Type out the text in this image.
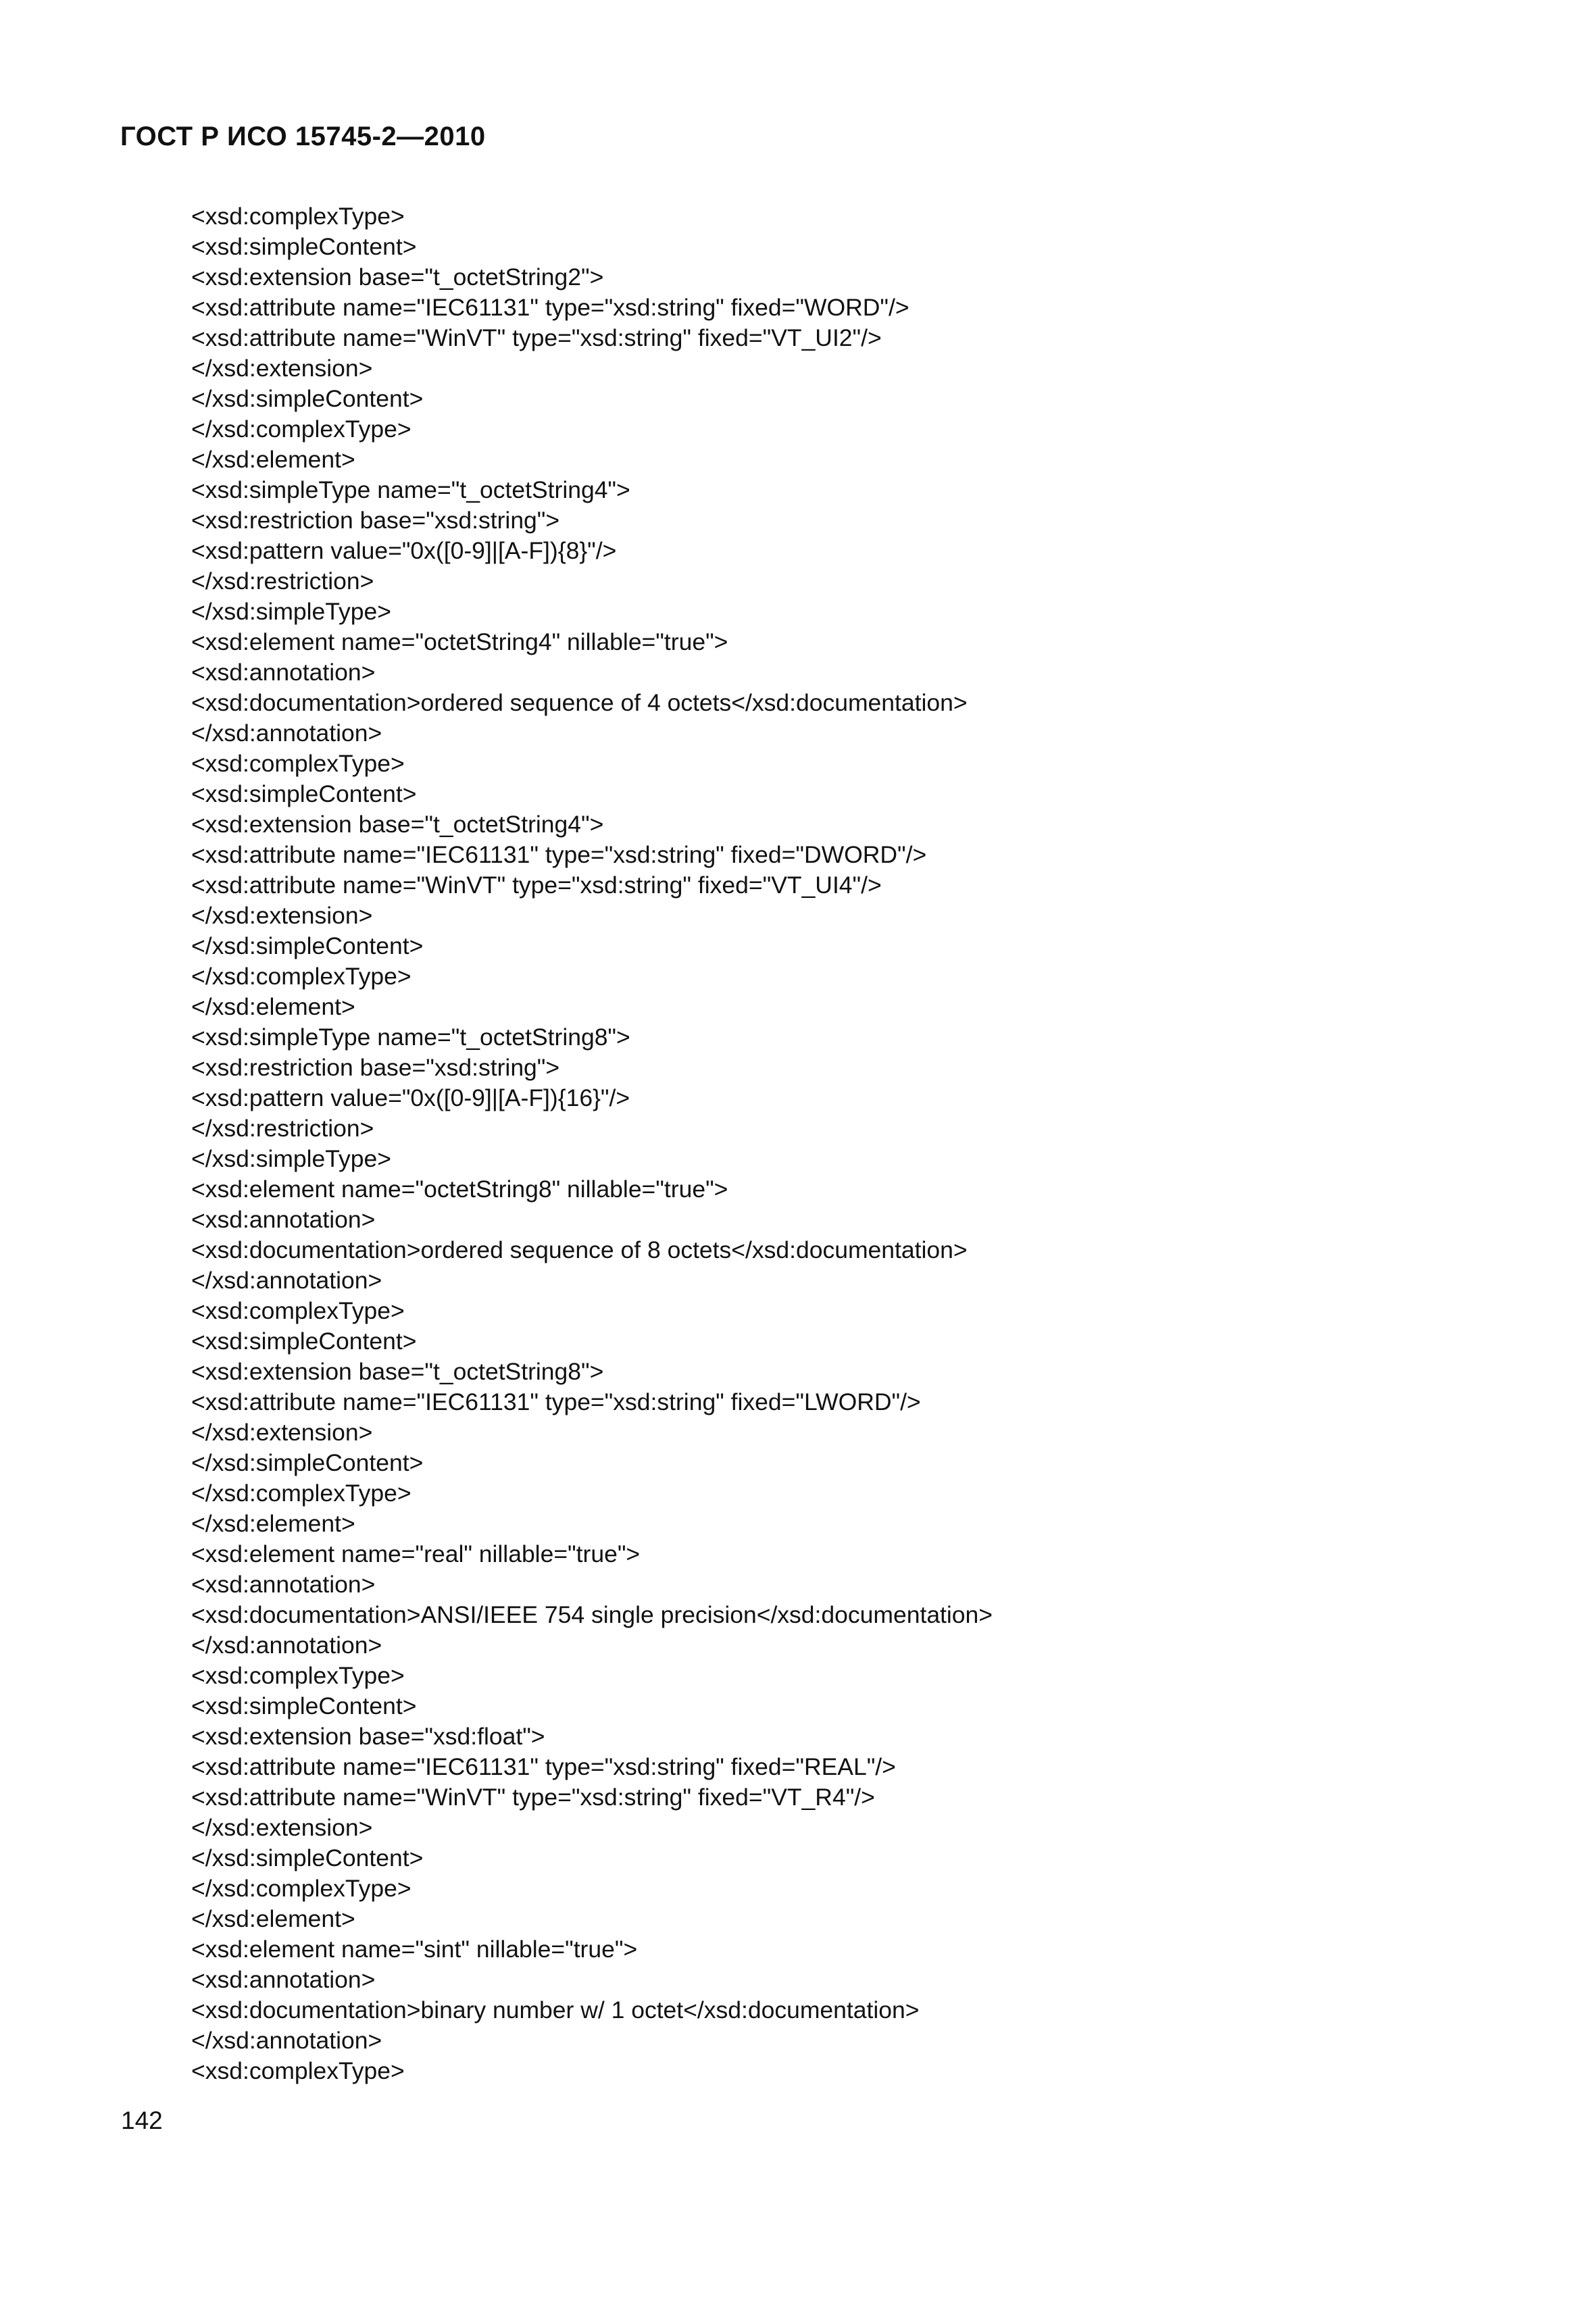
ГОСТ Р ИСО 15745-2—2010
<xsd:complexType>
<xsd:simpleContent>
<xsd:extension base="t_octetString2">
<xsd:attribute name="IEC61131" type="xsd:string" fixed="WORD"/>
<xsd:attribute name="WinVT" type="xsd:string" fixed="VT_UI2"/>
</xsd:extension>
</xsd:simpleContent>
</xsd:complexType>
</xsd:element>
<xsd:simpleType name="t_octetString4">
<xsd:restriction base="xsd:string">
<xsd:pattern value="0x([0-9]|[A-F]){8}"/>
</xsd:restriction>
</xsd:simpleType>
<xsd:element name="octetString4" nillable="true">
<xsd:annotation>
<xsd:documentation>ordered sequence of 4 octets</xsd:documentation>
</xsd:annotation>
<xsd:complexType>
<xsd:simpleContent>
<xsd:extension base="t_octetString4">
<xsd:attribute name="IEC61131" type="xsd:string" fixed="DWORD"/>
<xsd:attribute name="WinVT" type="xsd:string" fixed="VT_UI4"/>
</xsd:extension>
</xsd:simpleContent>
</xsd:complexType>
</xsd:element>
<xsd:simpleType name="t_octetString8">
<xsd:restriction base="xsd:string">
<xsd:pattern value="0x([0-9]|[A-F]){16}"/>
</xsd:restriction>
</xsd:simpleType>
<xsd:element name="octetString8" nillable="true">
<xsd:annotation>
<xsd:documentation>ordered sequence of 8 octets</xsd:documentation>
</xsd:annotation>
<xsd:complexType>
<xsd:simpleContent>
<xsd:extension base="t_octetString8">
<xsd:attribute name="IEC61131" type="xsd:string" fixed="LWORD"/>
</xsd:extension>
</xsd:simpleContent>
</xsd:complexType>
</xsd:element>
<xsd:element name="real" nillable="true">
<xsd:annotation>
<xsd:documentation>ANSI/IEEE 754 single precision</xsd:documentation>
</xsd:annotation>
<xsd:complexType>
<xsd:simpleContent>
<xsd:extension base="xsd:float">
<xsd:attribute name="IEC61131" type="xsd:string" fixed="REAL"/>
<xsd:attribute name="WinVT" type="xsd:string" fixed="VT_R4"/>
</xsd:extension>
</xsd:simpleContent>
</xsd:complexType>
</xsd:element>
<xsd:element name="sint" nillable="true">
<xsd:annotation>
<xsd:documentation>binary number w/ 1 octet</xsd:documentation>
</xsd:annotation>
<xsd:complexType>
142
